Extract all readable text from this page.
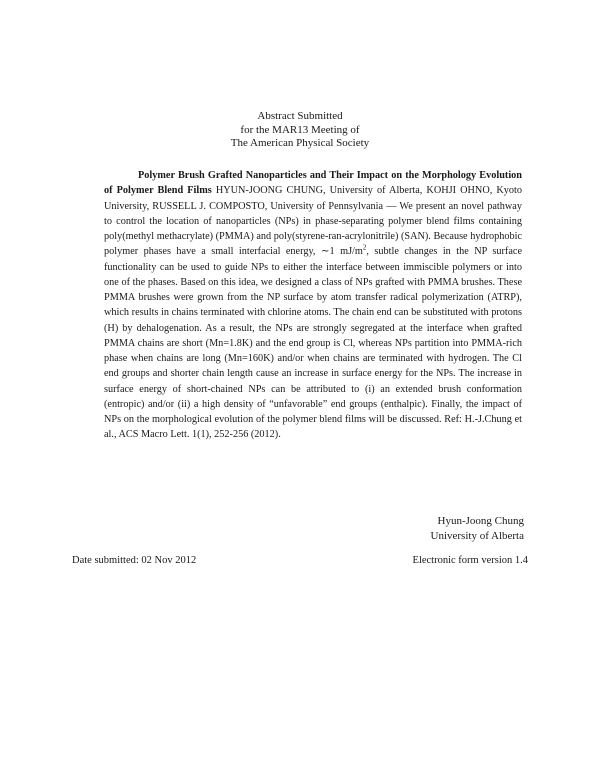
Abstract Submitted
for the MAR13 Meeting of
The American Physical Society
Polymer Brush Grafted Nanoparticles and Their Impact on the Morphology Evolution of Polymer Blend Films HYUN-JOONG CHUNG, University of Alberta, KOHJI OHNO, Kyoto University, RUSSELL J. COMPOSTO, University of Pennsylvania — We present an novel pathway to control the location of nanoparticles (NPs) in phase-separating polymer blend films containing poly(methyl methacrylate) (PMMA) and poly(styrene-ran-acrylonitrile) (SAN). Because hydrophobic polymer phases have a small interfacial energy, ∼1 $mJ/m^2$, subtle changes in the NP surface functionality can be used to guide NPs to either the interface between immiscible polymers or into one of the phases. Based on this idea, we designed a class of NPs grafted with PMMA brushes. These PMMA brushes were grown from the NP surface by atom transfer radical polymerization (ATRP), which results in chains terminated with chlorine atoms. The chain end can be substituted with protons (H) by dehalogenation. As a result, the NPs are strongly segregated at the interface when grafted PMMA chains are short (Mn=1.8K) and the end group is Cl, whereas NPs partition into PMMA-rich phase when chains are long (Mn=160K) and/or when chains are terminated with hydrogen. The Cl end groups and shorter chain length cause an increase in surface energy for the NPs. The increase in surface energy of short-chained NPs can be attributed to (i) an extended brush conformation (entropic) and/or (ii) a high density of “unfavorable” end groups (enthalpic). Finally, the impact of NPs on the morphological evolution of the polymer blend films will be discussed. Ref: H.-J.Chung et al., ACS Macro Lett. 1(1), 252-256 (2012).
Hyun-Joong Chung
University of Alberta
Date submitted: 02 Nov 2012	Electronic form version 1.4
